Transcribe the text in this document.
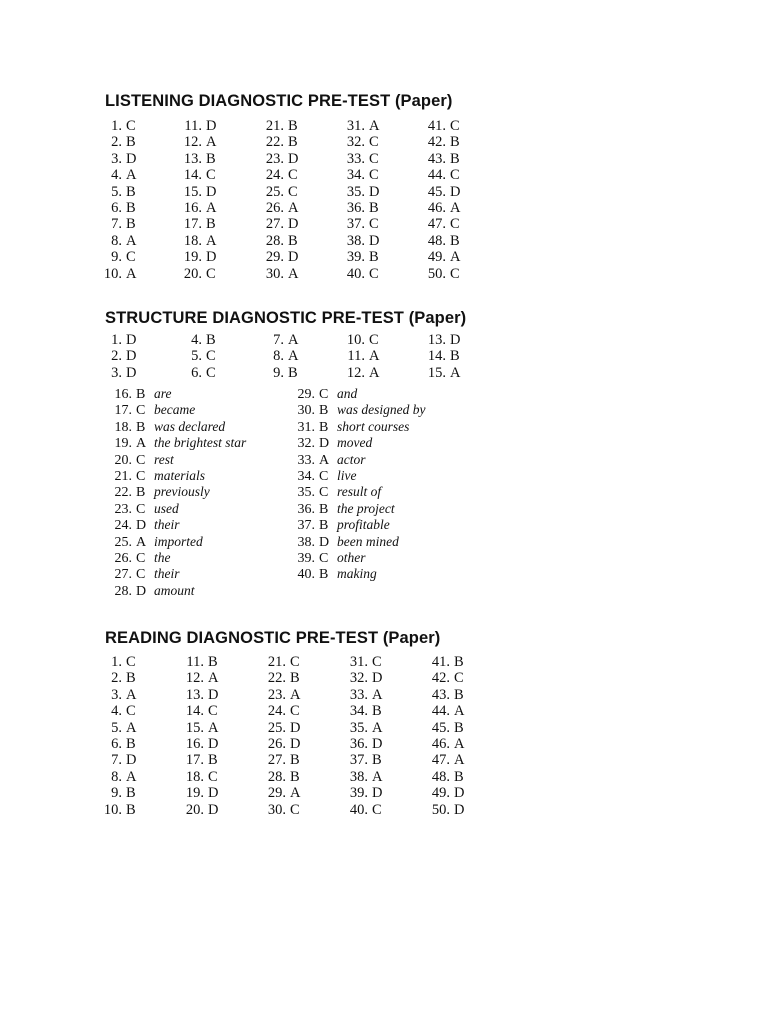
LISTENING DIAGNOSTIC PRE-TEST (Paper)
1. C	11. D	21. B	31. A	41. C
2. B	12. A	22. B	32. C	42. B
3. D	13. B	23. D	33. C	43. B
4. A	14. C	24. C	34. C	44. C
5. B	15. D	25. C	35. D	45. D
6. B	16. A	26. A	36. B	46. A
7. B	17. B	27. D	37. C	47. C
8. A	18. A	28. B	38. D	48. B
9. C	19. D	29. D	39. B	49. A
10. A	20. C	30. A	40. C	50. C
STRUCTURE DIAGNOSTIC PRE-TEST (Paper)
1. D	4. B	7. A	10. C	13. D
2. D	5. C	8. A	11. A	14. B
3. D	6. C	9. B	12. A	15. A
16. B are
17. C became
18. B was declared
19. A the brightest star
20. C rest
21. C materials
22. B previously
23. C used
24. D their
25. A imported
26. C the
27. C their
28. D amount
29. C and
30. B was designed by
31. B short courses
32. D moved
33. A actor
34. C live
35. C result of
36. B the project
37. B profitable
38. D been mined
39. C other
40. B making
READING DIAGNOSTIC PRE-TEST (Paper)
1. C	11. B	21. C	31. C	41. B
2. B	12. A	22. B	32. D	42. C
3. A	13. D	23. A	33. A	43. B
4. C	14. C	24. C	34. B	44. A
5. A	15. A	25. D	35. A	45. B
6. B	16. D	26. D	36. D	46. A
7. D	17. B	27. B	37. B	47. A
8. A	18. C	28. B	38. A	48. B
9. B	19. D	29. A	39. D	49. D
10. B	20. D	30. C	40. C	50. D
